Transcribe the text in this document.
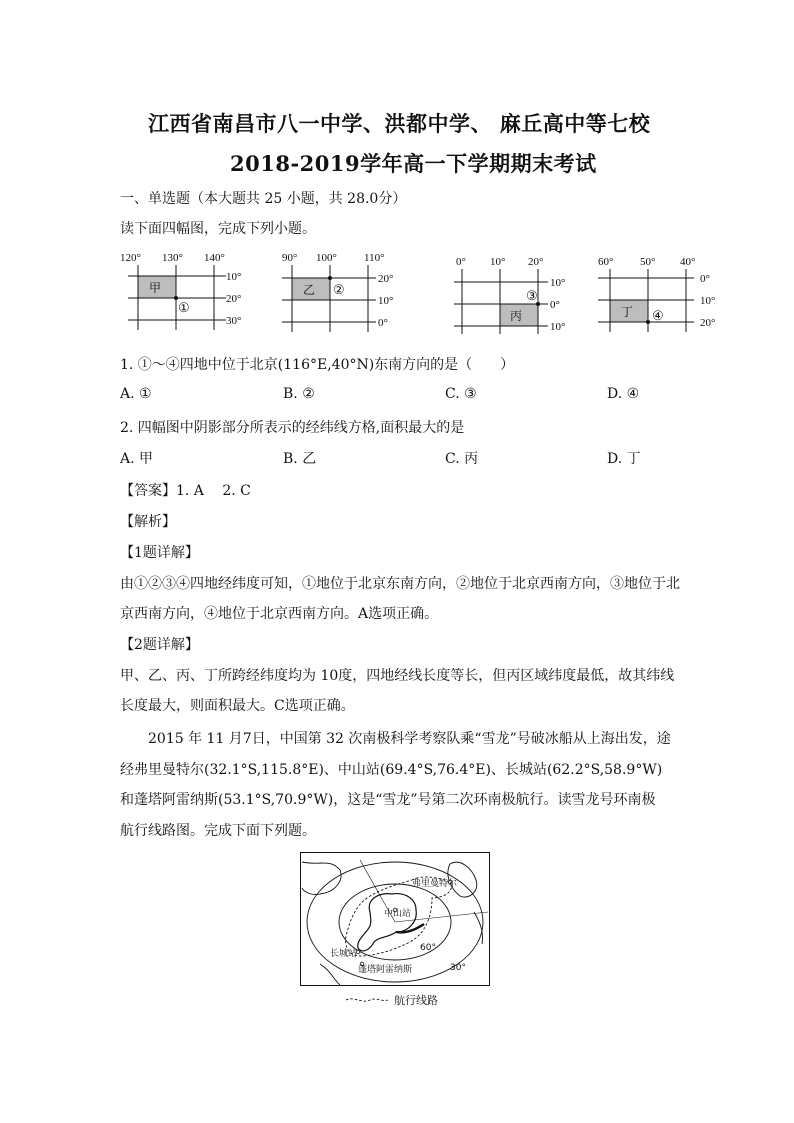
江西省南昌市八一中学、洪都中学、 麻丘高中等七校
2018-2019学年高一下学期期末考试
一、单选题（本大题共 25 小题，共 28.0分）
读下面四幅图，完成下列小题。
120° 130° 140°
甲
①
10°
20°
30°
90° 100° 110°
乙 ②
20°
10°
0°
0° 10° 20°
丙
③
10°
0°
10°
60° 50° 40°
丁 ④
0°
10°
20°
1. ①～④四地中位于北京(116°E,40°N)东南方向的是（　　）
A. ①	B. ②	C. ③	D. ④
2. 四幅图中阴影部分所表示的经纬线方格,面积最大的是
A. 甲	B. 乙	C. 丙	D. 丁
【答案】1. A　 2. C
【解析】
【1题详解】
由①②③④四地经纬度可知，①地位于北京东南方向，②地位于北京西南方向，③地位于北
京西南方向，④地位于北京西南方向。A选项正确。
【2题详解】
甲、乙、丙、丁所跨经纬度均为 10度，四地经线长度等长，但丙区域纬度最低，故其纬线
长度最大，则面积最大。C选项正确。
2015 年 11 月7日，中国第 32 次南极科学考察队乘“雪龙”号破冰船从上海出发，途
经弗里曼特尔(32.1°S,115.8°E)、中山站(69.4°S,76.4°E)、长城站(62.2°S,58.9°W)
和蓬塔阿雷纳斯(53.1°S,70.9°W)，这是“雪龙”号第二次环南极航行。读雪龙号环南极
航行线路图。完成下面下列题。
弗里曼特尔
中山站
长城站
蓬塔阿雷纳斯
60°
30°
航行线路
